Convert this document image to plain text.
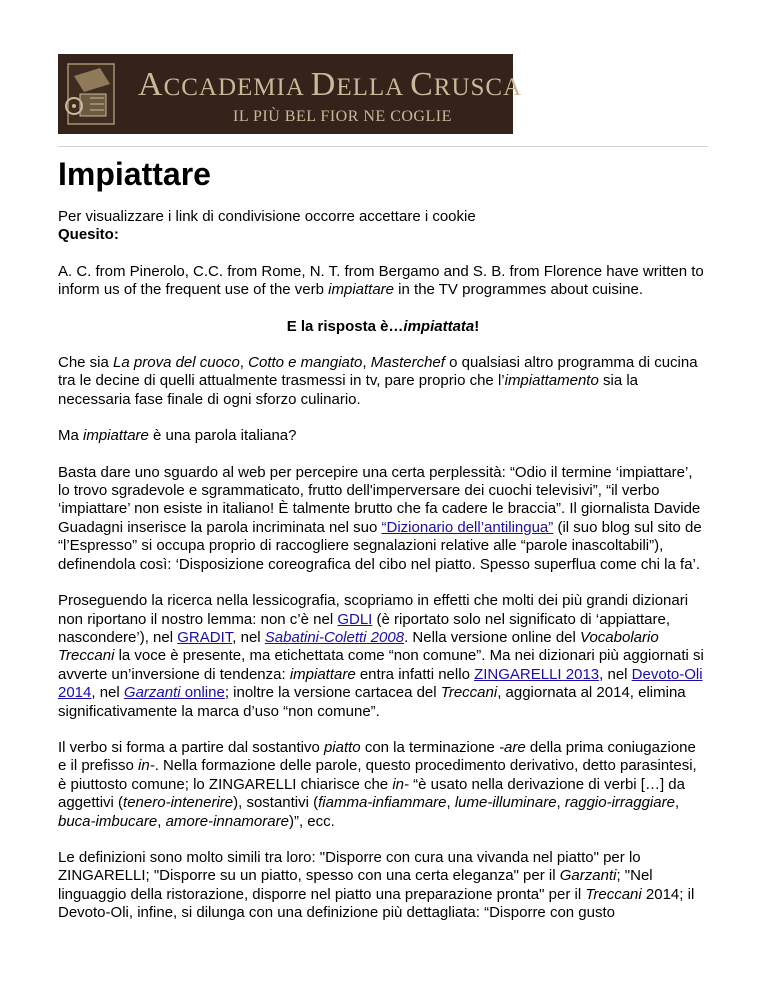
ACCADEMIA DELLA CRUSCA
IL PIÙ BEL FIOR NE COGLIE
Impiattare

Per visualizzare i link di condivisione occorre accettare i cookie

Quesito:

A. C. from Pinerolo, C.C. from Rome, N. T. from Bergamo and S. B. from Florence have written to inform us of the frequent use of the verb impiattare in the TV programmes about cuisine.

E la risposta è…impiattata!

Che sia La prova del cuoco, Cotto e mangiato, Masterchef o qualsiasi altro programma di cucina tra le decine di quelli attualmente trasmessi in tv, pare proprio che l’impiattamento sia la necessaria fase finale di ogni sforzo culinario.

Ma impiattare è una parola italiana?

Basta dare uno sguardo al web per percepire una certa perplessità: “Odio il termine ‘impiattare’, lo trovo sgradevole e sgrammaticato, frutto dell'imperversare dei cuochi televisivi”, “il verbo ‘impiattare’ non esiste in italiano! È talmente brutto che fa cadere le braccia”. Il giornalista Davide Guadagni inserisce la parola incriminata nel suo “Dizionario dell’antilingua” (il suo blog sul sito de “l’Espresso” si occupa proprio di raccogliere segnalazioni relative alle “parole inascoltabili”), definendola così: ‘Disposizione coreografica del cibo nel piatto. Spesso superflua come chi la fa’.

Proseguendo la ricerca nella lessicografia, scopriamo in effetti che molti dei più grandi dizionari non riportano il nostro lemma: non c’è nel GDLI (è riportato solo nel significato di ‘appiattare, nascondere’), nel GRADIT, nel Sabatini-Coletti 2008. Nella versione online del Vocabolario Treccani la voce è presente, ma etichettata come “non comune”. Ma nei dizionari più aggiornati si avverte un’inversione di tendenza: impiattare entra infatti nello ZINGARELLI 2013, nel Devoto-Oli 2014, nel Garzanti online; inoltre la versione cartacea del Treccani, aggiornata al 2014, elimina significativamente la marca d’uso “non comune”.

Il verbo si forma a partire dal sostantivo piatto con la terminazione -are della prima coniugazione e il prefisso in-. Nella formazione delle parole, questo procedimento derivativo, detto parasintesi, è piuttosto comune; lo ZINGARELLI chiarisce che in- “è usato nella derivazione di verbi […] da aggettivi (tenero-intenerire), sostantivi (fiamma-infiammare, lume-illuminare, raggio-irraggiare, buca-imbucare, amore-innamorare)”, ecc.

Le definizioni sono molto simili tra loro: "Disporre con cura una vivanda nel piatto" per lo ZINGARELLI; "Disporre su un piatto, spesso con una certa eleganza" per il Garzanti; "Nel linguaggio della ristorazione, disporre nel piatto una preparazione pronta" per il Treccani 2014; il Devoto-Oli, infine, si dilunga con una definizione più dettagliata: “Disporre con gusto
